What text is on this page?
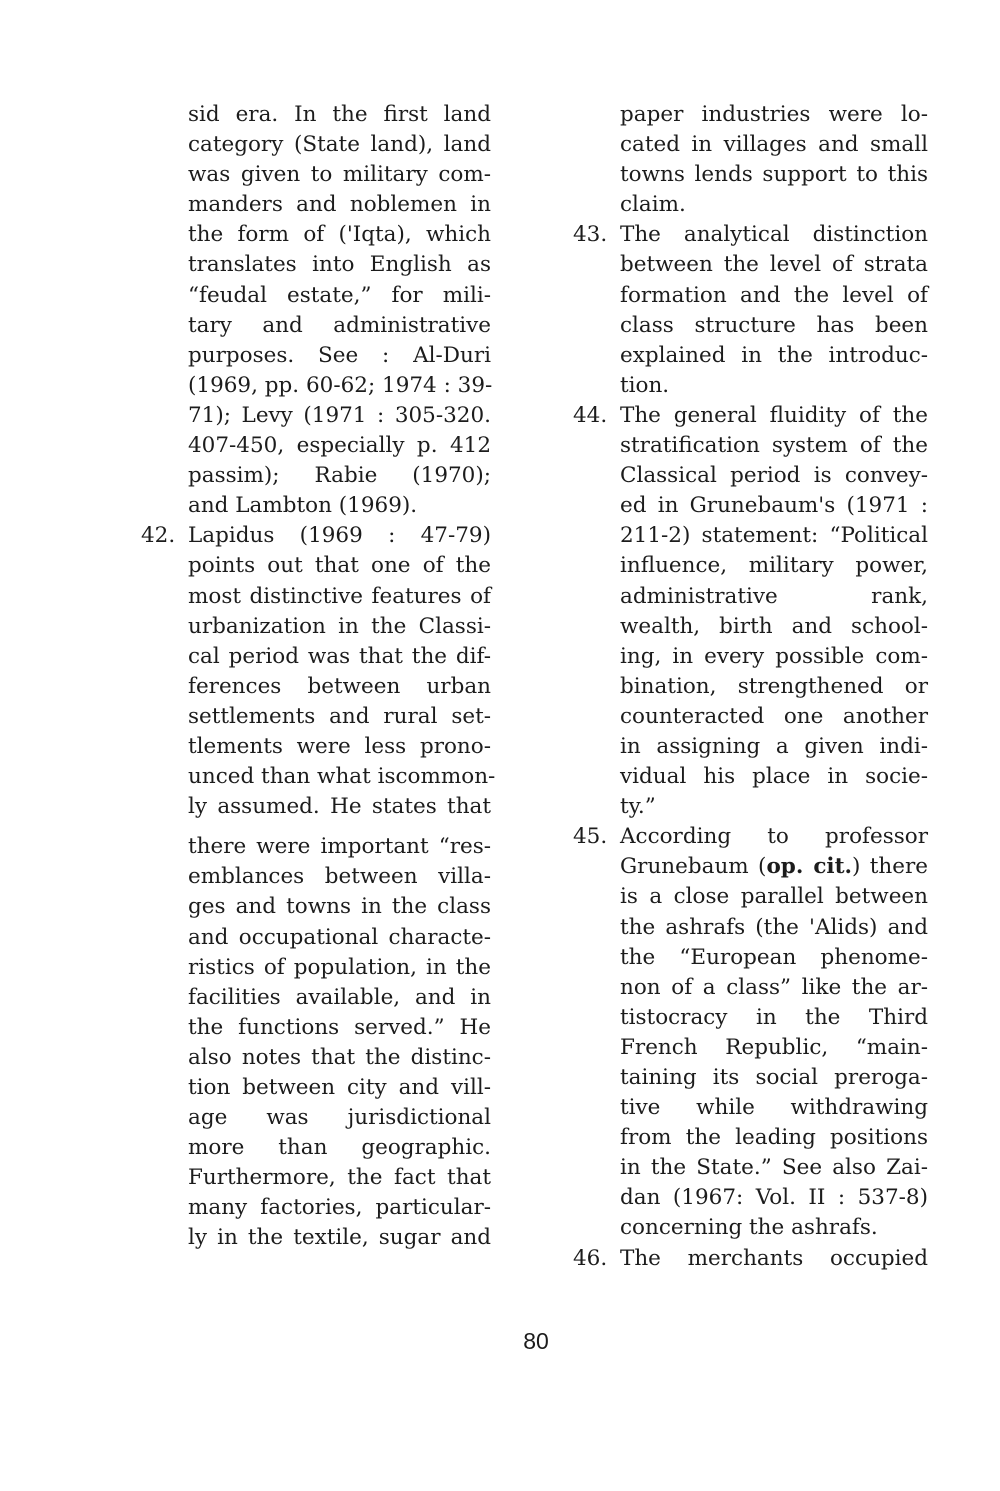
sid era. In the first land
category (State land), land
was given to military com-
manders and noblemen in
the form of ('Iqta), which
translates into English as
“feudal estate,” for mili-
tary and administrative
purposes. See : Al-Duri
(1969, pp. 60-62; 1974 : 39-
71); Levy (1971 : 305-320.
407-450, especially p. 412
passim); Rabie (1970);
and Lambton (1969).
42. Lapidus (1969 : 47-79)
points out that one of the
most distinctive features of
urbanization in the Classi-
cal period was that the dif-
ferences between urban
settlements and rural set-
tlements were less prono-
unced than what iscommon-
ly assumed. He states that
there were important “res-
emblances between villa-
ges and towns in the class
and occupational characte-
ristics of population, in the
facilities available, and in
the functions served.” He
also notes that the distinc-
tion between city and vill-
age was jurisdictional
more than geographic.
Furthermore, the fact that
many factories, particular-
ly in the textile, sugar and
paper industries were lo-
cated in villages and small
towns lends support to this
claim.
43. The analytical distinction
between the level of strata
formation and the level of
class structure has been
explained in the introduc-
tion.
44. The general fluidity of the
stratification system of the
Classical period is convey-
ed in Grunebaum's (1971 :
211-2) statement: “Political
influence, military power,
administrative rank,
wealth, birth and school-
ing, in every possible com-
bination, strengthened or
counteracted one another
in assigning a given indi-
vidual his place in socie-
ty.”
45. According to professor
Grunebaum (op. cit.) there
is a close parallel between
the ashrafs (the 'Alids) and
the “European phenome-
non of a class” like the ar-
tistocracy in the Third
French Republic, “main-
taining its social preroga-
tive while withdrawing
from the leading positions
in the State.” See also Zai-
dan (1967: Vol. II : 537-8)
concerning the ashrafs.
46. The merchants occupied
80
